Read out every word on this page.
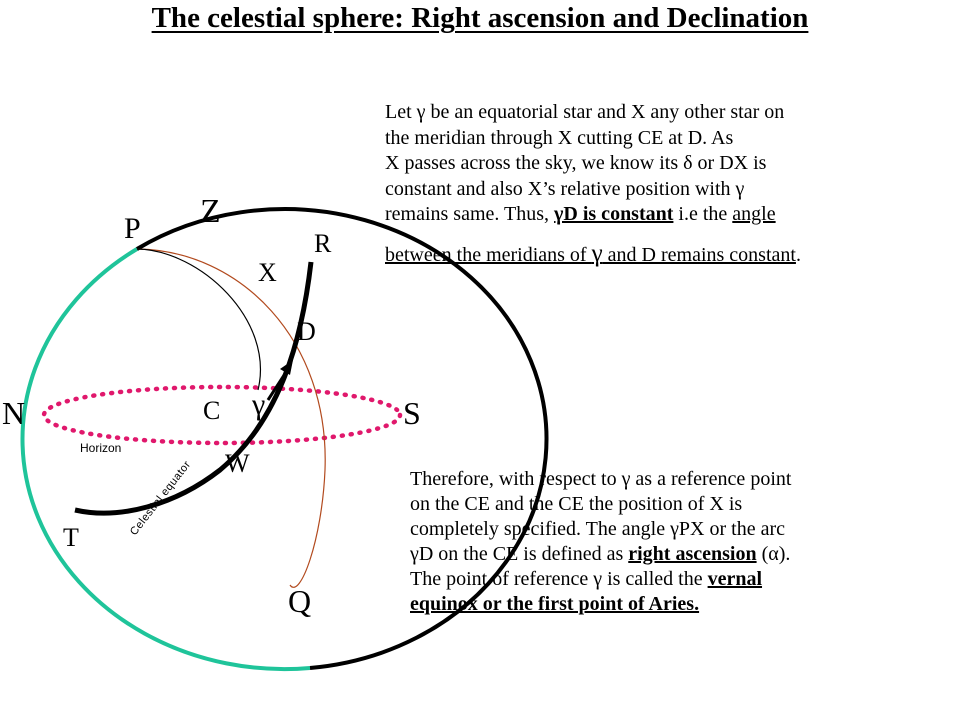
The celestial sphere: Right ascension and Declination
Z
P	R
X
D
N	S
C γ
W
T
Q
Horizon
Celestial equator
Let γ be an equatorial star and X any other star on
the meridian through X cutting CE at D. As
X passes across the sky, we know its δ or DX is
constant and also X’s relative position with γ
remains same. Thus, γD is constant i.e the angle
between the meridians of γ and D remains constant.
Therefore, with respect to γ as a reference point
on the CE and the CE the position of X is
completely specified. The angle γPX or the arc
γD on the CE is defined as right ascension (α).
The point of reference γ is called the vernal
equinox or the first point of Aries.
